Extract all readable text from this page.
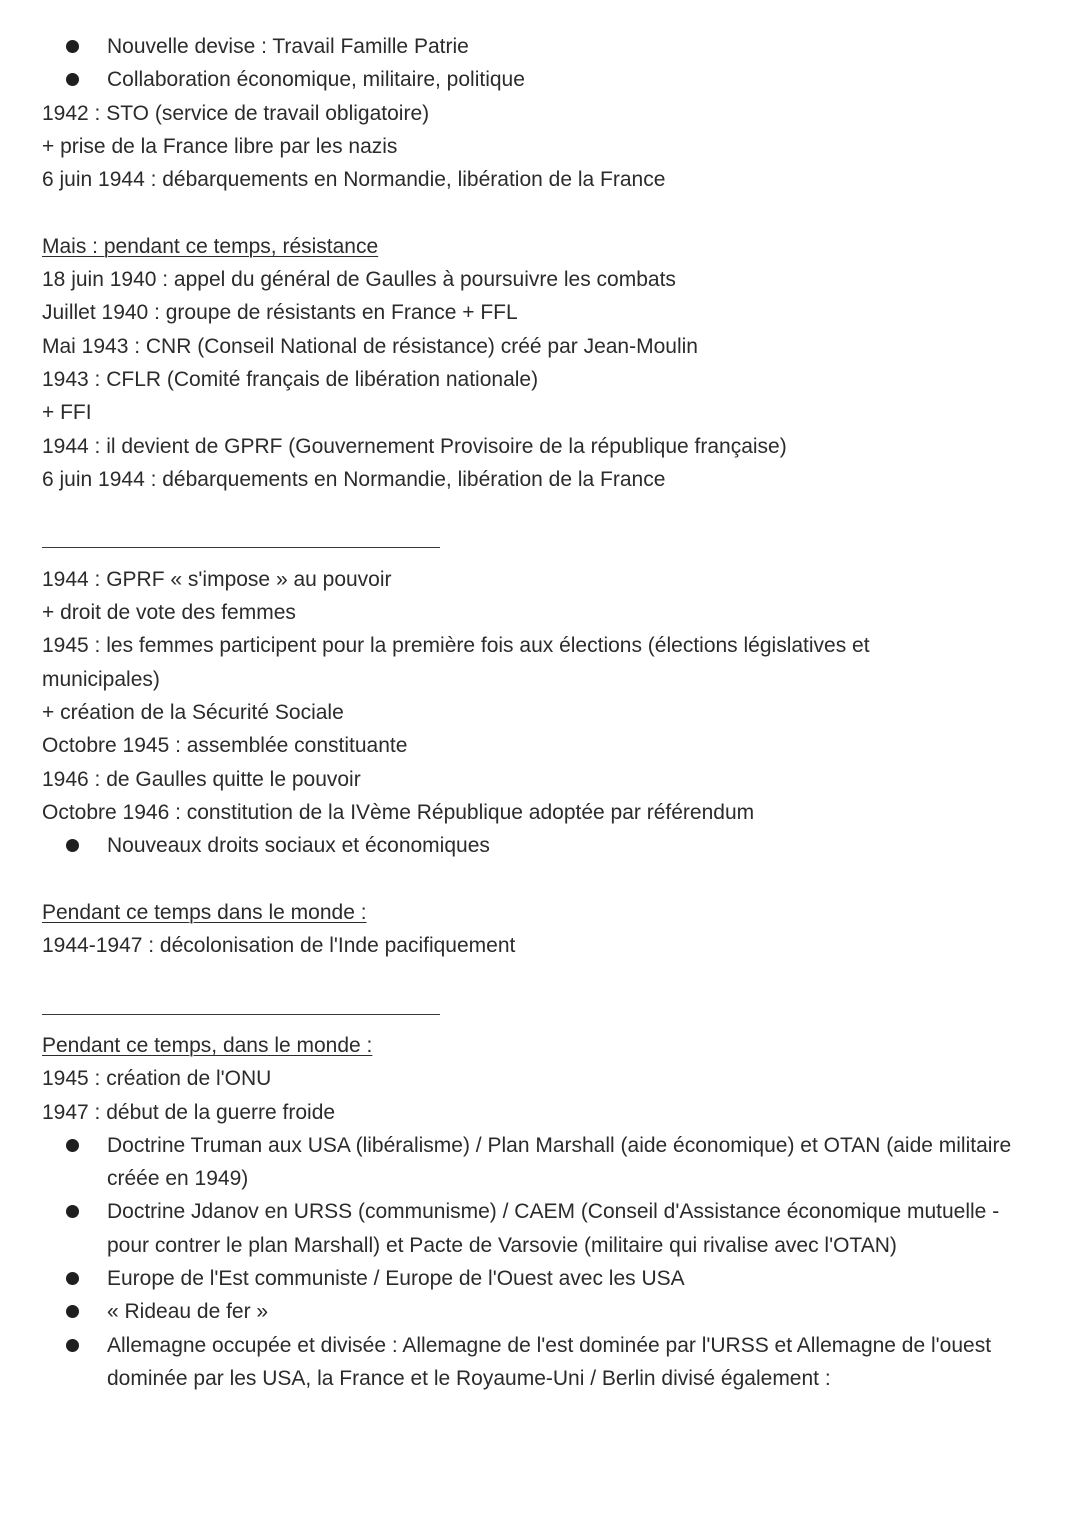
Nouvelle devise : Travail Famille Patrie
Collaboration économique, militaire, politique
1942 : STO (service de travail obligatoire)
+ prise de la France libre par les nazis
6 juin 1944 : débarquements en Normandie, libération de la France
Mais : pendant ce temps, résistance
18 juin 1940 : appel du général de Gaulles à poursuivre les combats
Juillet 1940 : groupe de résistants en France + FFL
Mai 1943 : CNR (Conseil National de résistance) créé par Jean-Moulin
1943 : CFLR (Comité français de libération nationale)
+ FFI
1944 : il devient de GPRF (Gouvernement Provisoire de la république française)
6 juin 1944 : débarquements en Normandie, libération de la France
1944 : GPRF « s'impose » au pouvoir
+ droit de vote des femmes
1945 : les femmes participent pour la première fois aux élections (élections législatives et municipales)
+ création de la Sécurité Sociale
Octobre 1945 : assemblée constituante
1946 : de Gaulles quitte le pouvoir
Octobre 1946 : constitution de la IVème République adoptée par référendum
Nouveaux droits sociaux et économiques
Pendant ce temps dans le monde :
1944-1947 : décolonisation de l'Inde pacifiquement
Pendant ce temps, dans le monde :
1945 : création de l'ONU
1947 : début de la guerre froide
Doctrine Truman aux USA (libéralisme) / Plan Marshall (aide économique) et OTAN (aide militaire créée en 1949)
Doctrine Jdanov en URSS (communisme) / CAEM (Conseil d'Assistance économique mutuelle - pour contrer le plan Marshall) et Pacte de Varsovie (militaire qui rivalise avec l'OTAN)
Europe de l'Est communiste / Europe de l'Ouest avec les USA
« Rideau de fer »
Allemagne occupée et divisée : Allemagne de l'est dominée par l'URSS et Allemagne de l'ouest dominée par les USA, la France et le Royaume-Uni / Berlin divisé également :
